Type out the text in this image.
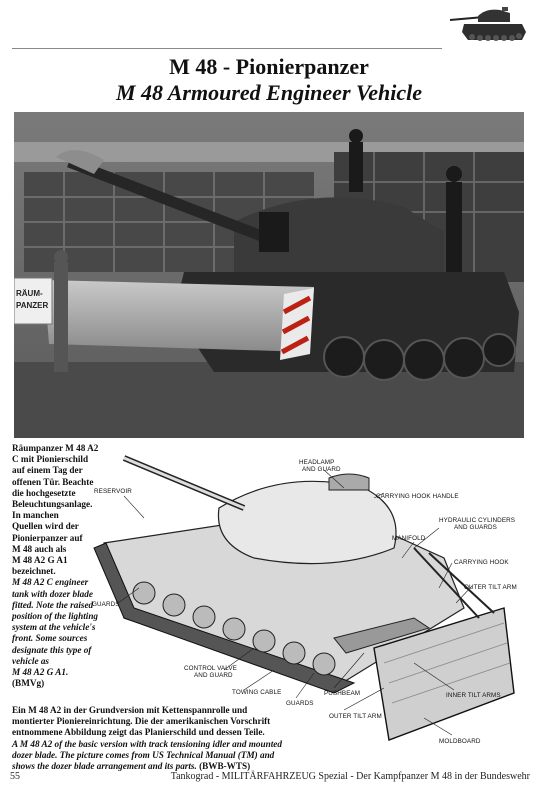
M 48 - Pionierpanzer
M 48 Armoured Engineer Vehicle
RÄUM-
PANZER
Räumpanzer M 48 A2
C mit Pionierschild
auf einem Tag der
offenen Tür. Beachte
die hochgesetzte
Beleuchtungsanlage.
In manchen
Quellen wird der
Pionierpanzer auf
M 48 auch als
M 48 A2 G A1
bezeichnet.
M 48 A2 C engineer
tank with dozer blade
fitted. Note the raised
position of the lighting
system at the vehicle's
front. Some sources
designate this type of
vehicle as
M 48 A2 G A1.
(BMVg)
HEADLAMP
AND GUARD
CARRYING HOOK HANDLE
RESERVOIR
HYDRAULIC CYLINDERS
AND GUARDS
MANIFOLD
CARRYING HOOK
OUTER TILT ARM
GUARDS
CONTROL VALVE
AND GUARD
TOWING CABLE
GUARDS
PUSHBEAM	INNER TILT ARMS
OUTER TILT ARM
MOLDBOARD
Ein M 48 A2 in der Grundversion mit Kettenspannrolle und
montierter Pioniereinrichtung. Die der amerikanischen Vorschrift
entnommene Abbildung zeigt das Planierschild und dessen Teile.
A M 48 A2 of the basic version with track tensioning idler and mounted
dozer blade. The picture comes from US Technical Manual (TM) and
shows the dozer blade arrangement and its parts. (BWB-WTS)
55	Tankograd - MILITÄRFAHRZEUG Spezial - Der Kampfpanzer M 48 in der Bundeswehr
